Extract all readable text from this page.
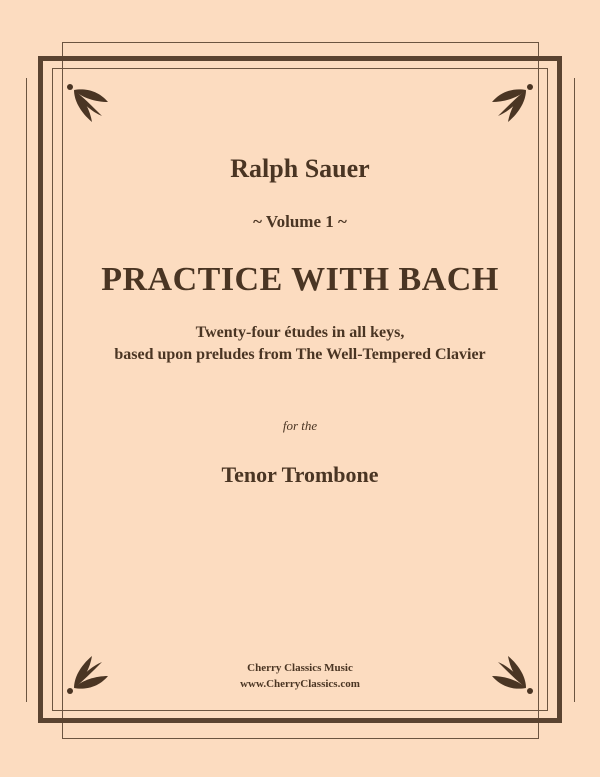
Ralph Sauer
~ Volume 1 ~
PRACTICE WITH BACH
Twenty-four études in all keys,
based upon preludes from The Well-Tempered Clavier
for the
Tenor Trombone
Cherry Classics Music
www.CherryClassics.com
